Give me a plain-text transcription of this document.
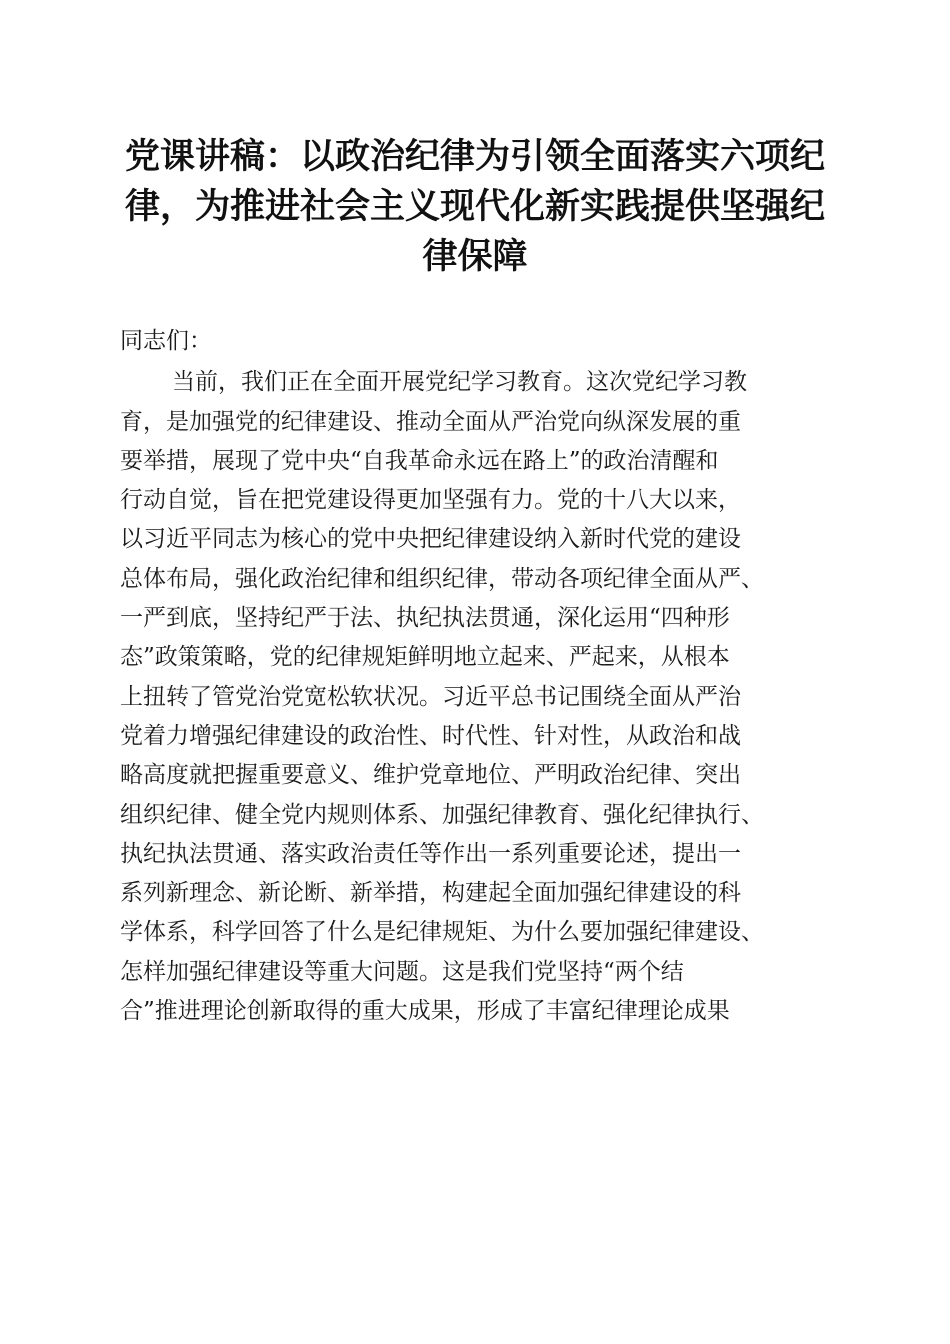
党课讲稿：以政治纪律为引领全面落实六项纪
律，为推进社会主义现代化新实践提供坚强纪
律保障
同志们：
当前，我们正在全面开展党纪学习教育。这次党纪学习教
育，是加强党的纪律建设、推动全面从严治党向纵深发展的重
要举措，展现了党中央“自我革命永远在路上”的政治清醒和
行动自觉，旨在把党建设得更加坚强有力。党的十八大以来，
以习近平同志为核心的党中央把纪律建设纳入新时代党的建设
总体布局，强化政治纪律和组织纪律，带动各项纪律全面从严、
一严到底，坚持纪严于法、执纪执法贯通，深化运用“四种形
态”政策策略，党的纪律规矩鲜明地立起来、严起来，从根本
上扭转了管党治党宽松软状况。习近平总书记围绕全面从严治
党着力增强纪律建设的政治性、时代性、针对性，从政治和战
略高度就把握重要意义、维护党章地位、严明政治纪律、突出
组织纪律、健全党内规则体系、加强纪律教育、强化纪律执行、
执纪执法贯通、落实政治责任等作出一系列重要论述，提出一
系列新理念、新论断、新举措，构建起全面加强纪律建设的科
学体系，科学回答了什么是纪律规矩、为什么要加强纪律建设、
怎样加强纪律建设等重大问题。这是我们党坚持“两个结
合”推进理论创新取得的重大成果，形成了丰富纪律理论成果
